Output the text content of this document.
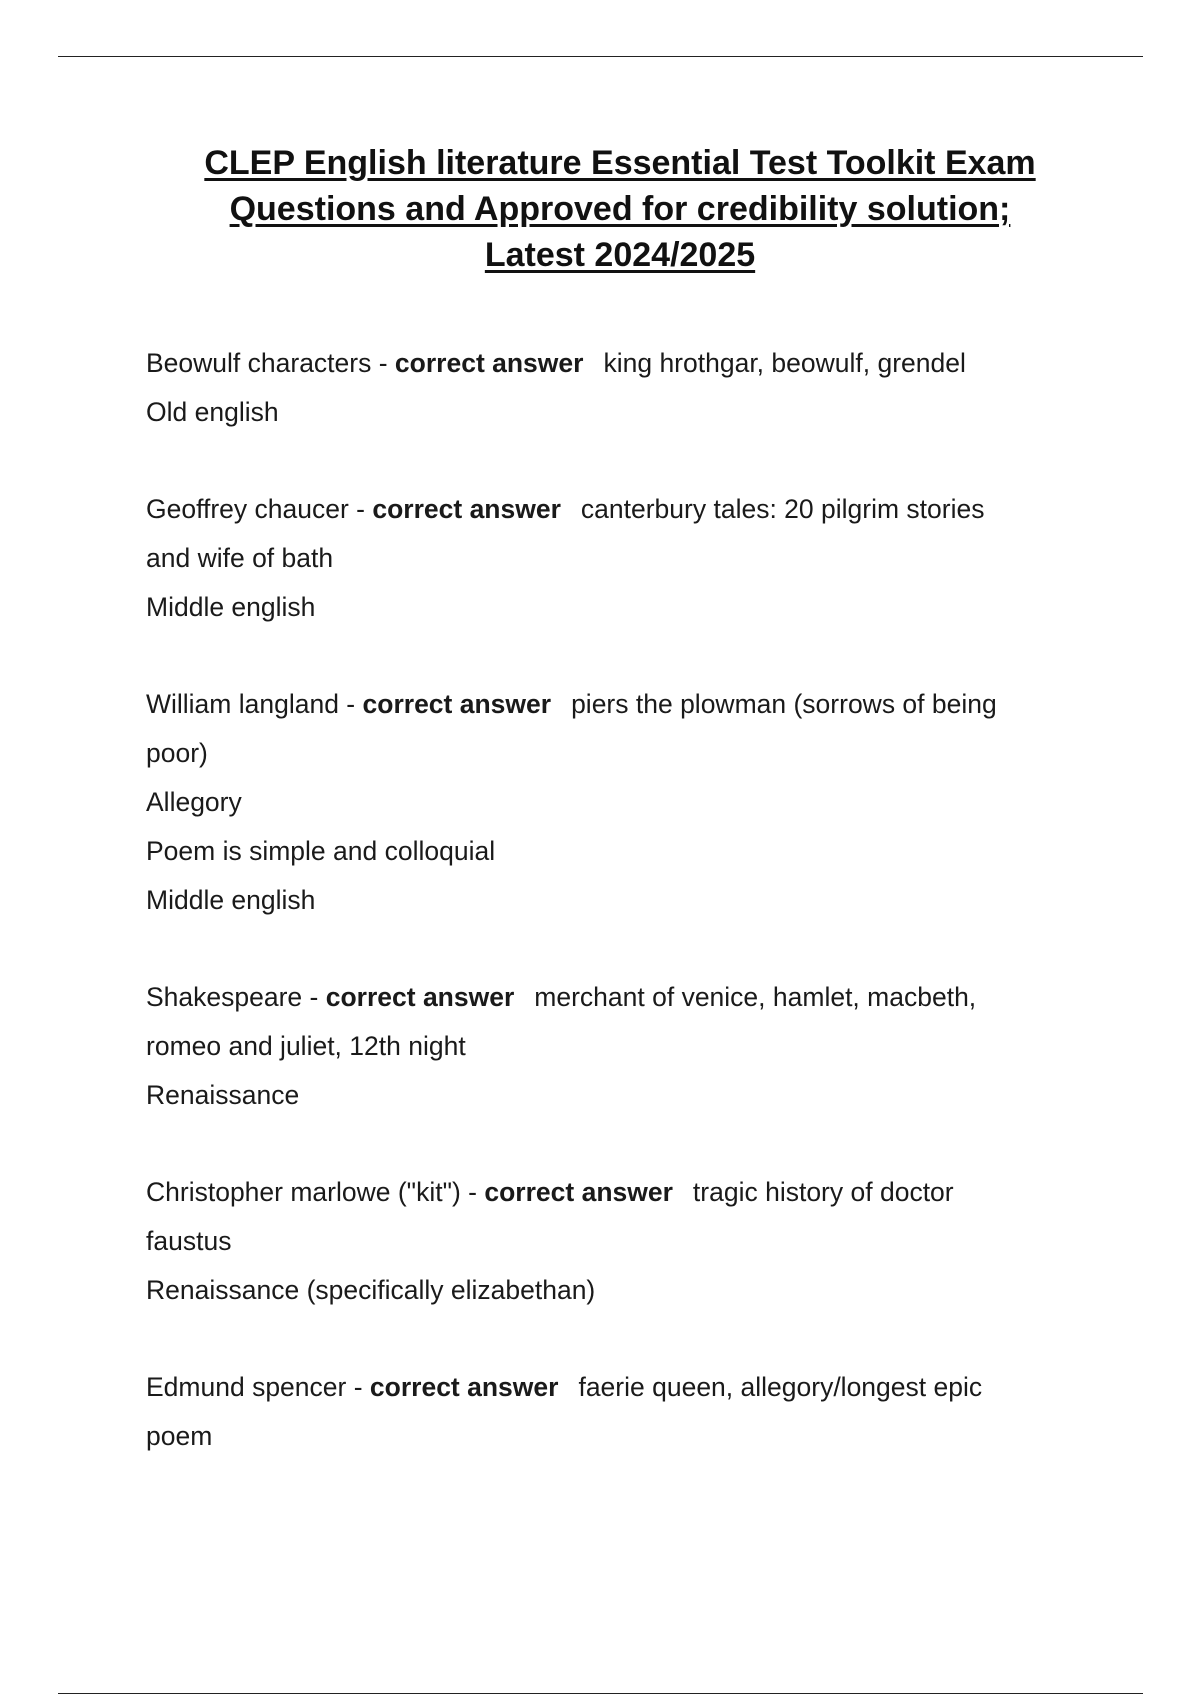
CLEP English literature Essential Test Toolkit Exam
Questions and Approved for credibility solution;
Latest 2024/2025
Beowulf characters - correct answer king hrothgar, beowulf, grendel
Old english
Geoffrey chaucer - correct answer canterbury tales: 20 pilgrim stories
and wife of bath
Middle english
William langland - correct answer piers the plowman (sorrows of being
poor)
Allegory
Poem is simple and colloquial
Middle english
Shakespeare - correct answer merchant of venice, hamlet, macbeth,
romeo and juliet, 12th night
Renaissance
Christopher marlowe ("kit") - correct answer tragic history of doctor
faustus
Renaissance (specifically elizabethan)
Edmund spencer - correct answer faerie queen, allegory/longest epic
poem
